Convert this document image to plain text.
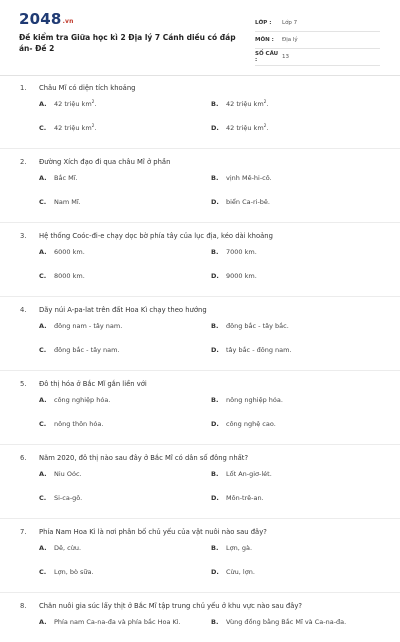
2048.vn
Đề kiểm tra Giữa học kì 2 Địa lý 7 Cánh diều có đáp án- Đề 2
LỚP :	Lớp 7
MÔN :	Địa lý
SỐ CÂU :	13
1.	Châu Mĩ có diện tích khoảng
A.	42 triệu $km^2$.	B.	42 triệu $km^2$.
C.	42 triệu $km^2$.	D.	42 triệu $km^2$.
2.	Đường Xích đạo đi qua châu Mĩ ở phần
A.	Bắc Mĩ.	B.	vịnh Mê-hi-cô.
C.	Nam Mĩ.	D.	biển Ca-ri-bê.
3.	Hệ thống Coóc-đi-e chạy dọc bờ phía tây của lục địa, kéo dài khoảng
A.	6000 km.	B.	7000 km.
C.	8000 km.	D.	9000 km.
4.	Dãy núi A-pa-lat trên đất Hoa Kì chạy theo hướng
A.	đông nam - tây nam.	B.	đông bắc - tây bắc.
C.	đông bắc - tây nam.	D.	tây bắc - đông nam.
5.	Đô thị hóa ở Bắc Mĩ gắn liền với
A.	công nghiệp hóa.	B.	nông nghiệp hóa.
C.	nông thôn hóa.	D.	công nghệ cao.
6.	Năm 2020, đô thị nào sau đây ở Bắc Mĩ có dân số đông nhất?
A.	Niu Oóc.	B.	Lốt An-giơ-lét.
C.	Si-ca-gô.	D.	Môn-trê-an.
7.	Phía Nam Hoa Kì là nơi phân bố chủ yếu của vật nuôi nào sau đây?
A.	Dê, cừu.	B.	Lợn, gà.
C.	Lợn, bò sữa.	D.	Cừu, lợn.
8.	Chăn nuôi gia súc lấy thịt ở Bắc Mĩ tập trung chủ yếu ở khu vực nào sau đây?
A.	Phía nam Ca-na-đa và phía bắc Hoa Kì.	B.	Vùng đồng bằng Bắc Mĩ và Ca-na-đa.
